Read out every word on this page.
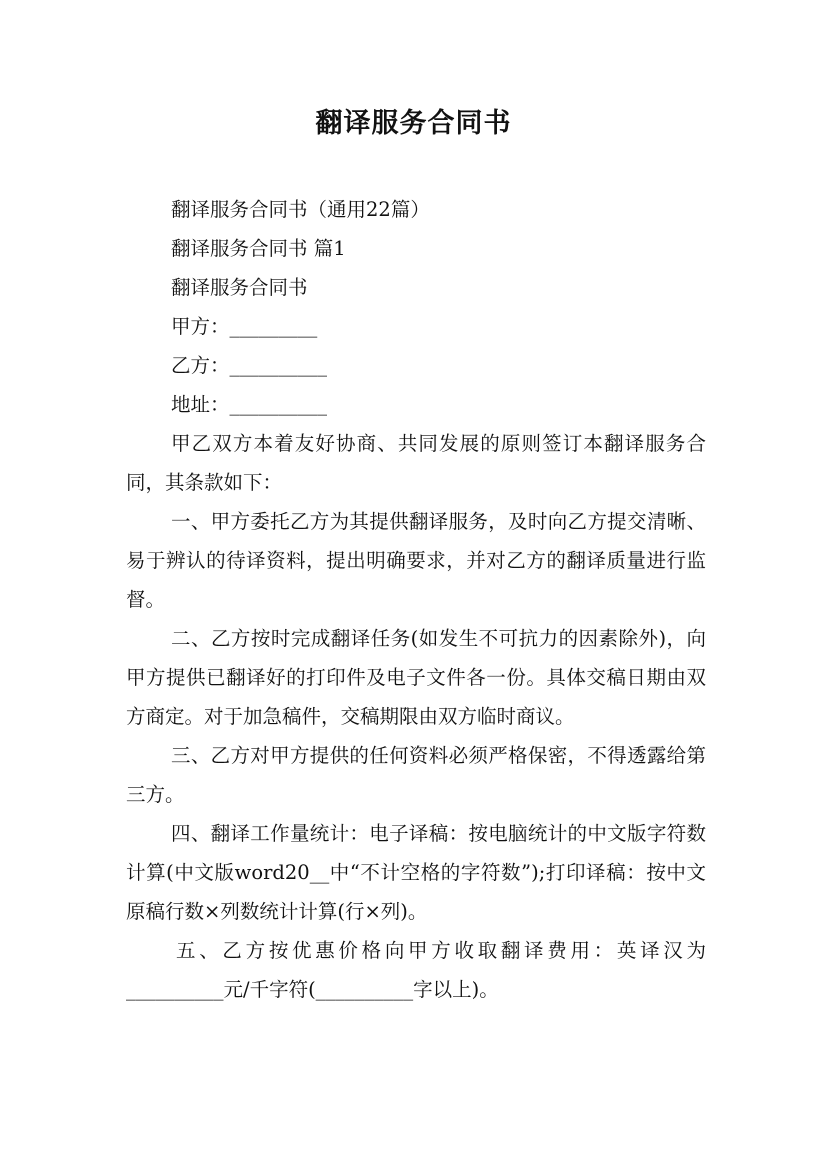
翻译服务合同书
翻译服务合同书（通用22篇）
翻译服务合同书 篇1
翻译服务合同书
甲方：_________
乙方：__________
地址：__________
甲乙双方本着友好协商、共同发展的原则签订本翻译服务合同，其条款如下：
一、甲方委托乙方为其提供翻译服务，及时向乙方提交清晰、易于辨认的待译资料，提出明确要求，并对乙方的翻译质量进行监督。
二、乙方按时完成翻译任务(如发生不可抗力的因素除外)，向甲方提供已翻译好的打印件及电子文件各一份。具体交稿日期由双方商定。对于加急稿件，交稿期限由双方临时商议。
三、乙方对甲方提供的任何资料必须严格保密，不得透露给第三方。
四、翻译工作量统计：电子译稿：按电脑统计的中文版字符数计算(中文版word20__中“不计空格的字符数”);打印译稿：按中文原稿行数×列数统计计算(行×列)。
五、乙方按优惠价格向甲方收取翻译费用：英译汉为__________元/千字符(__________字以上)。
